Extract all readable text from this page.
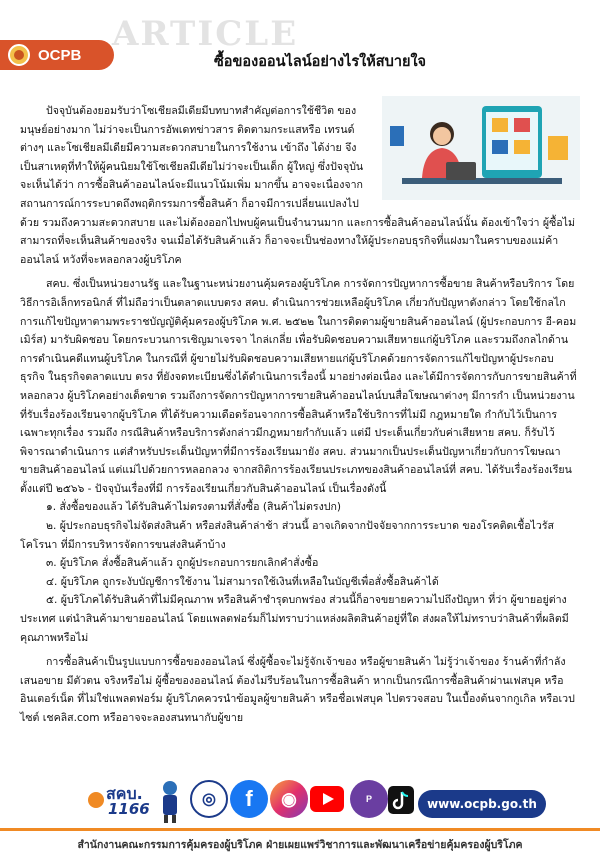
ARTICLE
OCPB	ซื้อของออนไลน์อย่างไรให้สบายใจ

ปัจจุบันต้องยอมรับว่าโซเชียลมีเดียมีบทบาทสำคัญต่อการใช้ชีวิต ของมนุษย์อย่างมาก ไม่ว่าจะเป็นการอัพเดทข่าวสาร ติดตามกระแสหรือ เทรนด์ต่างๆ และโซเชียลมีเดียมีความสะดวกสบายในการใช้งาน เข้าถึง ได้ง่าย จึงเป็นสาเหตุที่ทำให้ผู้คนนิยมใช้โซเชียลมีเดียไม่ว่าจะเป็นเด็ก ผู้ใหญ่ ซึ่งปัจจุบันจะเห็นได้ว่า การซื้อสินค้าออนไลน์จะมีแนวโน้มเพิ่ม มากขึ้น อาจจะเนื่องจากสถานการณ์การระบาดถึงพฤติกรรมการซื้อสินค้า ก็อาจมีการเปลี่ยนแปลงไปด้วย รวมถึงความสะดวกสบาย และไม่ต้องออกไปพบผู้คนเป็นจำนวนมาก และการซื้อสินค้าออนไลน์นั้น ต้องเข้าใจว่า ผู้ซื้อไม่สามารถที่จะเห็นสินค้าของจริง จนเมื่อได้รับสินค้าแล้ว ก็อาจจะเป็นช่องทางให้ผู้ประกอบธุรกิจที่แฝงมาในคราบของแม่ค้าออนไลน์ หวังที่จะหลอกลวงผู้บริโภค

สคบ. ซึ่งเป็นหน่วยงานรัฐ และในฐานะหน่วยงานคุ้มครองผู้บริโภค การจัดการปัญหาการซื้อขาย สินค้าหรือบริการ โดยวิธีการอิเล็กทรอนิกส์ ที่ไม่ถือว่าเป็นตลาดแบบตรง สคบ. ดำเนินการช่วยเหลือผู้บริโภค เกี่ยวกับปัญหาดังกล่าว โดยใช้กลไกการแก้ไขปัญหาตามพระราชบัญญัติคุ้มครองผู้บริโภค พ.ศ. ๒๕๒๒ ในการติดตามผู้ขายสินค้าออนไลน์ (ผู้ประกอบการ อี-คอมเมิร์ส) มารับผิดชอบ โดยกระบวนการเชิญมาเจรจา ไกล่เกลี่ย เพื่อรับผิดชอบความเสียหายแก่ผู้บริโภค และรวมถึงกลไกด้านการดำเนินคดีแทนผู้บริโภค ในกรณีที่ ผู้ขายไม่รับผิดชอบความเสียหายแก่ผู้บริโภคด้วยการจัดการแก้ไขปัญหาผู้ประกอบธุรกิจ ในธุรกิจตลาดแบบ ตรง ที่ยังจดทะเบียนซึ่งได้ดำเนินการเรื่องนี้ มาอย่างต่อเนื่อง และได้มีการจัดการกับการขายสินค้าที่หลอกลวง ผู้บริโภคอย่างเด็ดขาด รวมถึงการจัดการปัญหาการขายสินค้าออนไลน์บนสื่อโฆษณาต่างๆ มีการกำ เป็นหน่วยงานที่รับเรื่องร้องเรียนจากผู้บริโภค ที่ได้รับความเดือดร้อนจากการซื้อสินค้าหรือใช้บริการที่ไม่มี กฎหมายใด กำกับไว้เป็นการเฉพาะทุกเรื่อง รวมถึง กรณีสินค้าหรือบริการดังกล่าวมีกฎหมายกำกับแล้ว แต่มี ประเด็นเกี่ยวกับค่าเสียหาย สคบ. ก็รับไว้พิจารณาดำเนินการ แต่สำหรับประเด็นปัญหาที่มีการร้องเรียนมายัง สคบ. ส่วนมากเป็นประเด็นปัญหาเกี่ยวกับการโฆษณาขายสินค้าออนไลน์ แต่แม่ไปด้วยการหลอกลวง จากสถิติการร้องเรียนประเภทของสินค้าออนไลน์ที่ สคบ. ได้รับเรื่องร้องเรียน ตั้งแต่ปี ๒๕๖๖ - ปัจจุบันเรื่องที่มี การร้องเรียนเกี่ยวกับสินค้าออนไลน์ เป็นเรื่องดังนี้

๑. สั่งซื้อของแล้ว ได้รับสินค้าไม่ตรงตามที่สั่งซื้อ (สินค้าไม่ตรงปก)

๒. ผู้ประกอบธุรกิจไม่จัดส่งสินค้า หรือส่งสินค้าล่าช้า ส่วนนี้ อาจเกิดจากปัจจัยจากการระบาด ของโรคติดเชื้อไวรัสโคโรนา ที่มีการบริหารจัดการขนส่งสินค้าบ้าง

๓. ผู้บริโภค สั่งซื้อสินค้าแล้ว ถูกผู้ประกอบการยกเลิกคำสั่งซื้อ

๔. ผู้บริโภค ถูกระงับบัญชีการใช้งาน ไม่สามารถใช้เงินที่เหลือในบัญชีเพื่อสั่งซื้อสินค้าได้

๕. ผู้บริโภคได้รับสินค้าที่ไม่มีคุณภาพ หรือสินค้าชำรุดบกพร่อง ส่วนนี้ก็อาจขยายความไปถึงปัญหา ที่ว่า ผู้ขายอยู่ต่างประเทศ แต่นำสินค้ามาขายออนไลน์ โดยแพลตฟอร์มก็ไม่ทราบว่าแหล่งผลิตสินค้าอยู่ที่ใด ส่งผลให้ไม่ทราบว่าสินค้าที่ผลิตมีคุณภาพหรือไม่

การซื้อสินค้าเป็นรูปแบบการซื้อของออนไลน์ ซึ่งผู้ซื้อจะไม่รู้จักเจ้าของ หรือผู้ขายสินค้า ไม่รู้ว่าเจ้าของ ร้านค้าที่กำลังเสนอขาย มีตัวตน จริงหรือไม่ ผู้ซื้อของออนไลน์ ต้องไม่รีบร้อนในการซื้อสินค้า หากเป็นกรณีการซื้อสินค้าผ่านเฟสบุค หรืออินเตอร์เน็ต ที่ไม่ใช่แพลตฟอร์ม ผู้บริโภคควรนำข้อมูลผู้ขายสินค้า หรือชื่อเฟสบุค ไปตรวจสอบ ในเบื้องต้นจากกูเกิล หรือเวปไซต์ เชคลิส.com หรืออาจจะลองสนทนากับผู้ขาย

สคบ.
1166
◎	f	◉	P	www.ocpb.go.th
สำนักงานคณะกรรมการคุ้มครองผู้บริโภค ฝ่ายเผยแพร่วิชาการและพัฒนาเครือข่ายคุ้มครองผู้บริโภค
